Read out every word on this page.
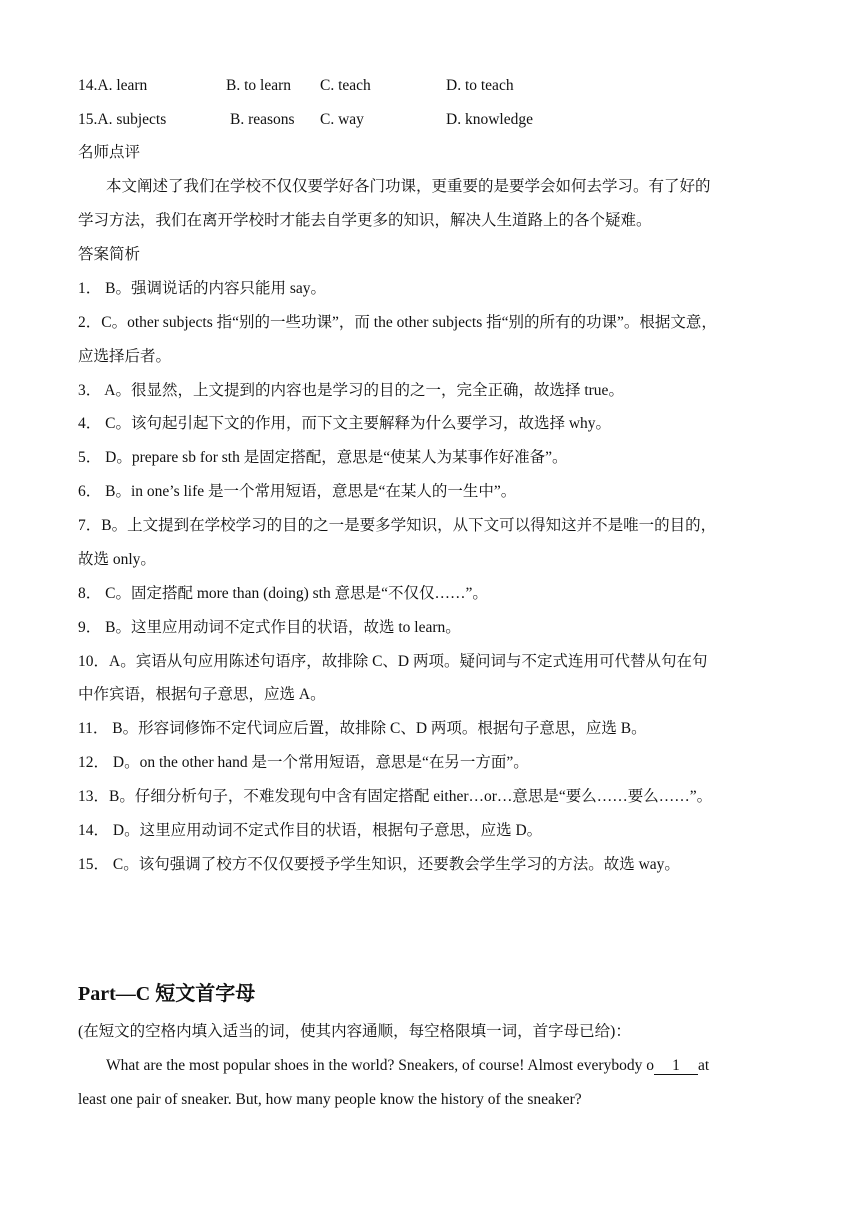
14.A. learn	B. to learn C. teach	D. to teach
15.A. subjects	B. reasons C. way	D. knowledge
名师点评
本文阐述了我们在学校不仅仅要学好各门功课，更重要的是要学会如何去学习。有了好的
学习方法，我们在离开学校时才能去自学更多的知识，解决人生道路上的各个疑难。
答案简析
1． B。强调说话的内容只能用 say。
2．C。other subjects 指“别的一些功课”，而 the other subjects 指“别的所有的功课”。根据文意，
应选择后者。
3． A。很显然，上文提到的内容也是学习的目的之一，完全正确，故选择 true。
4． C。该句起引起下文的作用，而下文主要解释为什么要学习，故选择 why。
5． D。prepare sb for sth 是固定搭配，意思是“使某人为某事作好准备”。
6． B。in one’s life 是一个常用短语，意思是“在某人的一生中”。
7．B。上文提到在学校学习的目的之一是要多学知识，从下文可以得知这并不是唯一的目的，
故选 only。
8． C。固定搭配 more than (doing) sth 意思是“不仅仅……”。
9． B。这里应用动词不定式作目的状语，故选 to learn。
10．A。宾语从句应用陈述句语序，故排除 C、D 两项。疑问词与不定式连用可代替从句在句
中作宾语，根据句子意思，应选 A。
11． B。形容词修饰不定代词应后置，故排除 C、D 两项。根据句子意思，应选 B。
12． D。on the other hand 是一个常用短语，意思是“在另一方面”。
13．B。仔细分析句子，不难发现句中含有固定搭配 either…or…意思是“要么……要么……”。
14． D。这里应用动词不定式作目的状语，根据句子意思，应选 D。
15． C。该句强调了校方不仅仅要授予学生知识，还要教会学生学习的方法。故选 way。
Part—C 短文首字母
(在短文的空格内填入适当的词，使其内容通顺，每空格限填一词，首字母已给)：
What are the most popular shoes in the world? Sneakers, of course! Almost everybody o 1 at
least one pair of sneaker. But, how many people know the history of the sneaker?
